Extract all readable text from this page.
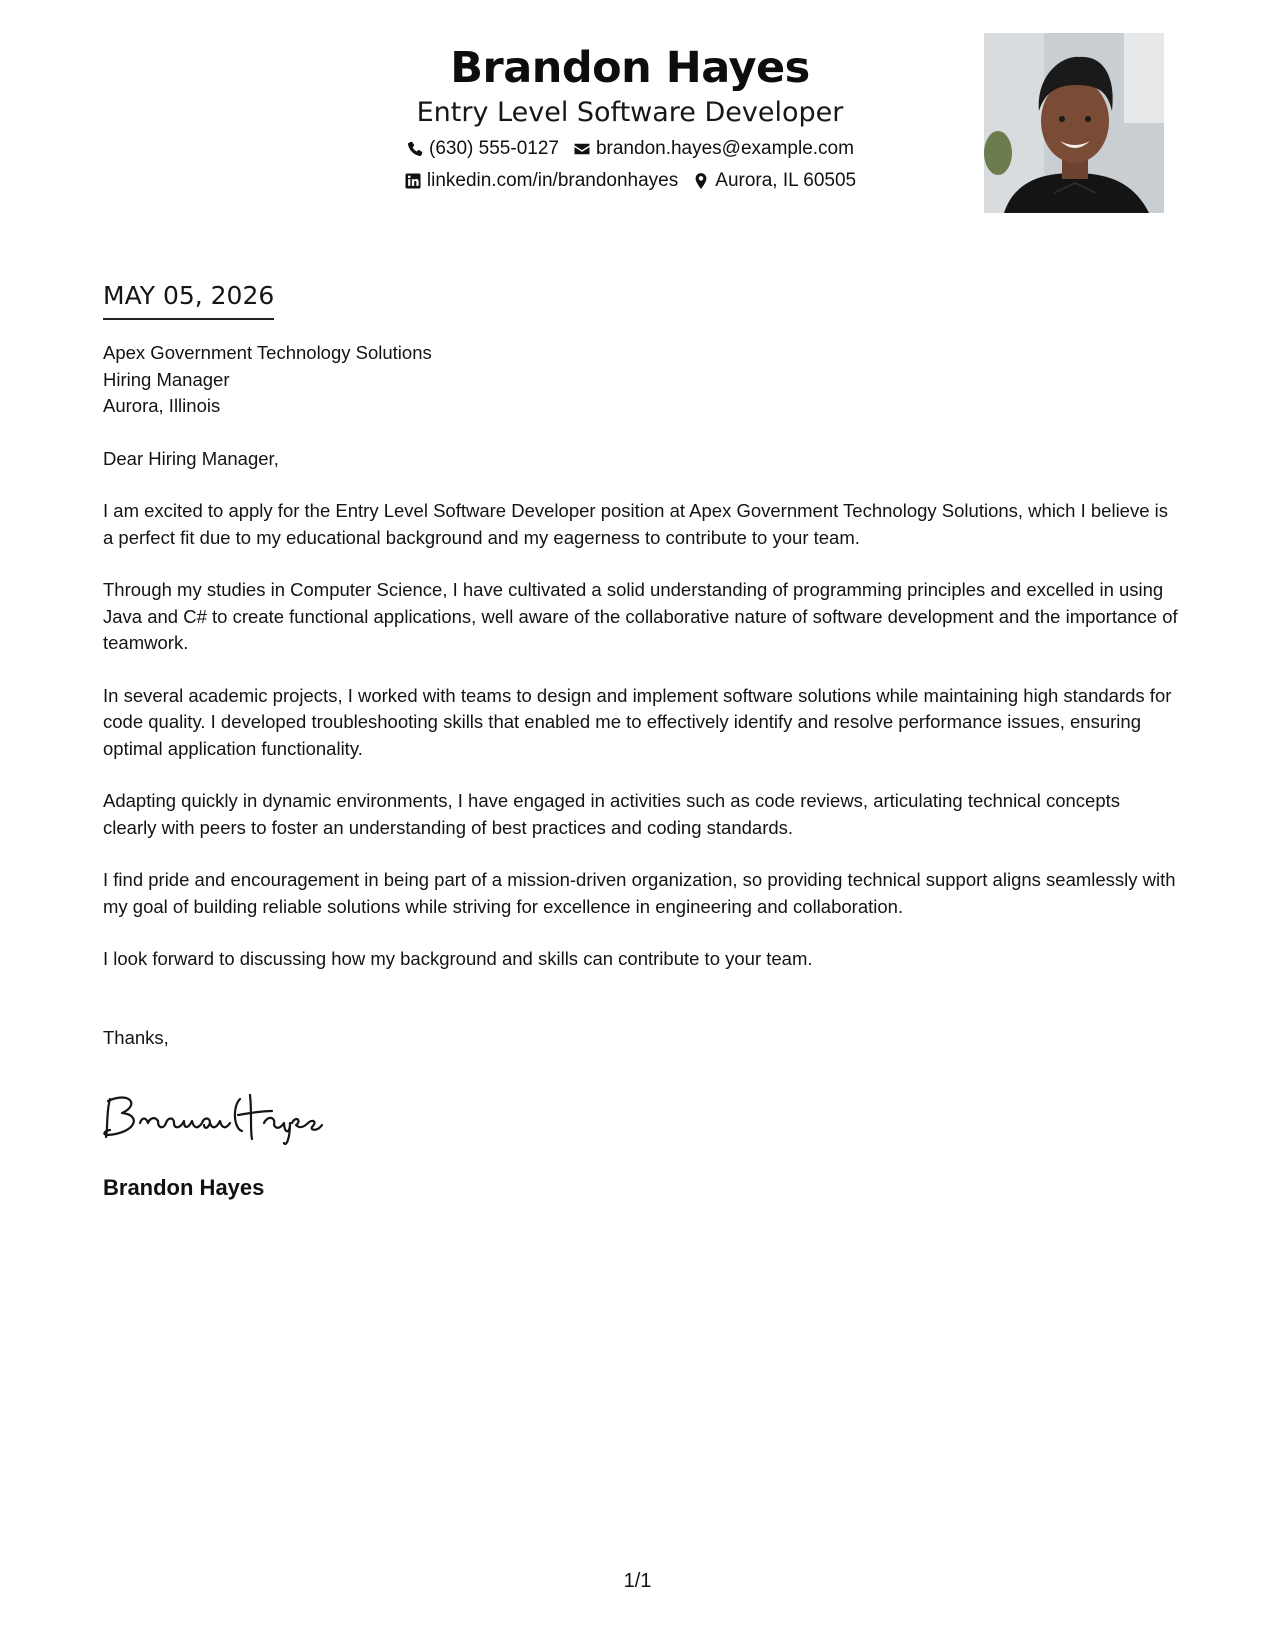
Brandon Hayes
Entry Level Software Developer
(630) 555-0127 brandon.hayes@example.com
linkedin.com/in/brandonhayes Aurora, IL 60505
MAY 05, 2026
Apex Government Technology Solutions
Hiring Manager
Aurora, Illinois
Dear Hiring Manager,

I am excited to apply for the Entry Level Software Developer position at Apex Government Technology Solutions, which I believe is a perfect fit due to my educational background and my eagerness to contribute to your team.

Through my studies in Computer Science, I have cultivated a solid understanding of programming principles and excelled in using Java and C# to create functional applications, well aware of the collaborative nature of software development and the importance of teamwork.

In several academic projects, I worked with teams to design and implement software solutions while maintaining high standards for code quality. I developed troubleshooting skills that enabled me to effectively identify and resolve performance issues, ensuring optimal application functionality.

Adapting quickly in dynamic environments, I have engaged in activities such as code reviews, articulating technical concepts clearly with peers to foster an understanding of best practices and coding standards.

I find pride and encouragement in being part of a mission-driven organization, so providing technical support aligns seamlessly with my goal of building reliable solutions while striving for excellence in engineering and collaboration.

I look forward to discussing how my background and skills can contribute to your team.

Thanks,
Brandon Hayes
1/1
